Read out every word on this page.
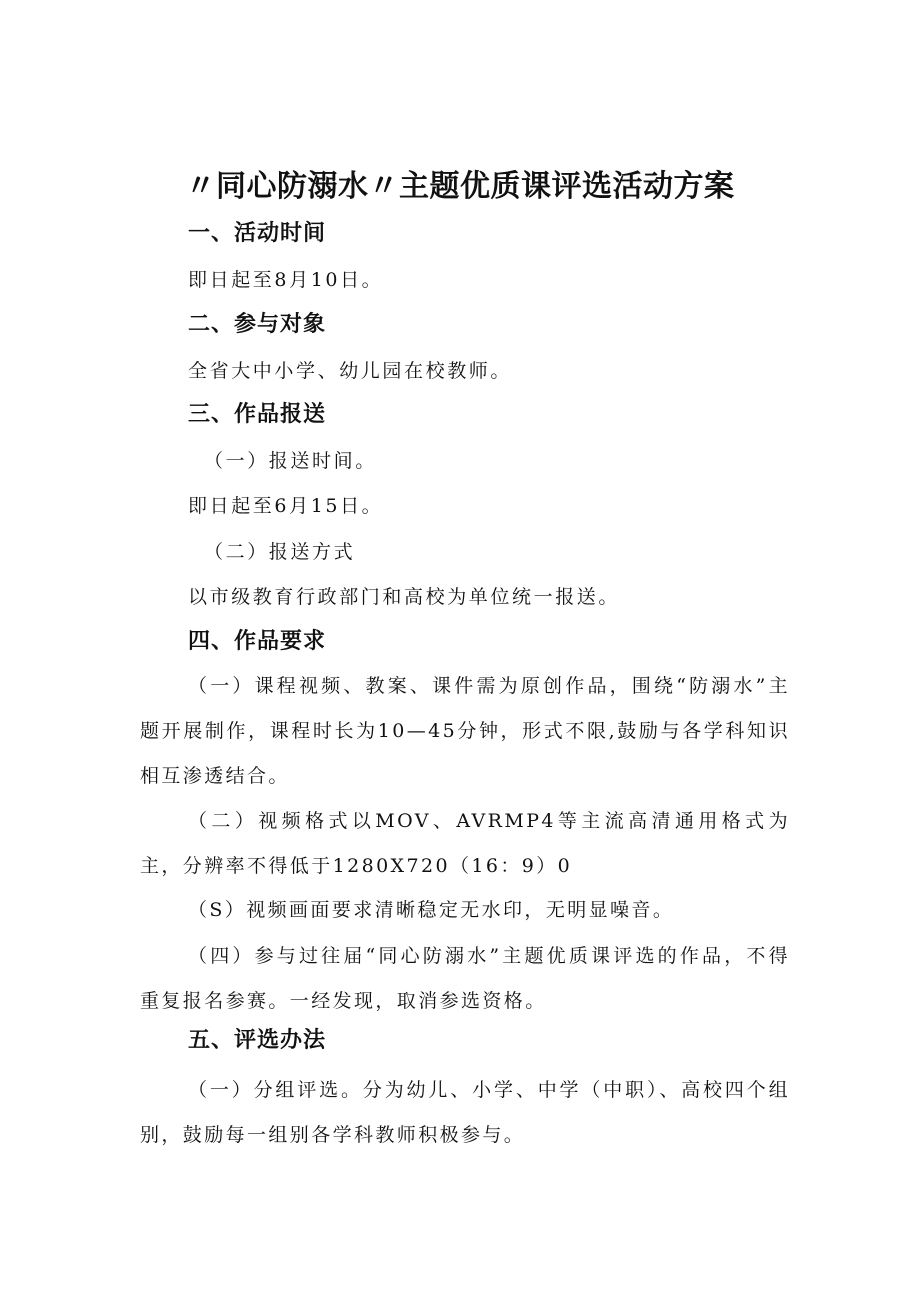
〃同心防溺水〃主题优质课评选活动方案
一、活动时间
即日起至8月10日。
二、参与对象
全省大中小学、幼儿园在校教师。
三、作品报送
（一）报送时间。
即日起至6月15日。
（二）报送方式
以市级教育行政部门和高校为单位统一报送。
四、作品要求
（一）课程视频、教案、课件需为原创作品，围绕“防溺水”主题开展制作，课程时长为10—45分钟，形式不限,鼓励与各学科知识相互渗透结合。
（二）视频格式以MOV、AVRMP4等主流高清通用格式为主，分辨率不得低于1280X720（16：9）0
（S）视频画面要求清晰稳定无水印，无明显噪音。
（四）参与过往届“同心防溺水”主题优质课评选的作品，不得重复报名参赛。一经发现，取消参选资格。
五、评选办法
（一）分组评选。分为幼儿、小学、中学（中职）、高校四个组别，鼓励每一组别各学科教师积极参与。
